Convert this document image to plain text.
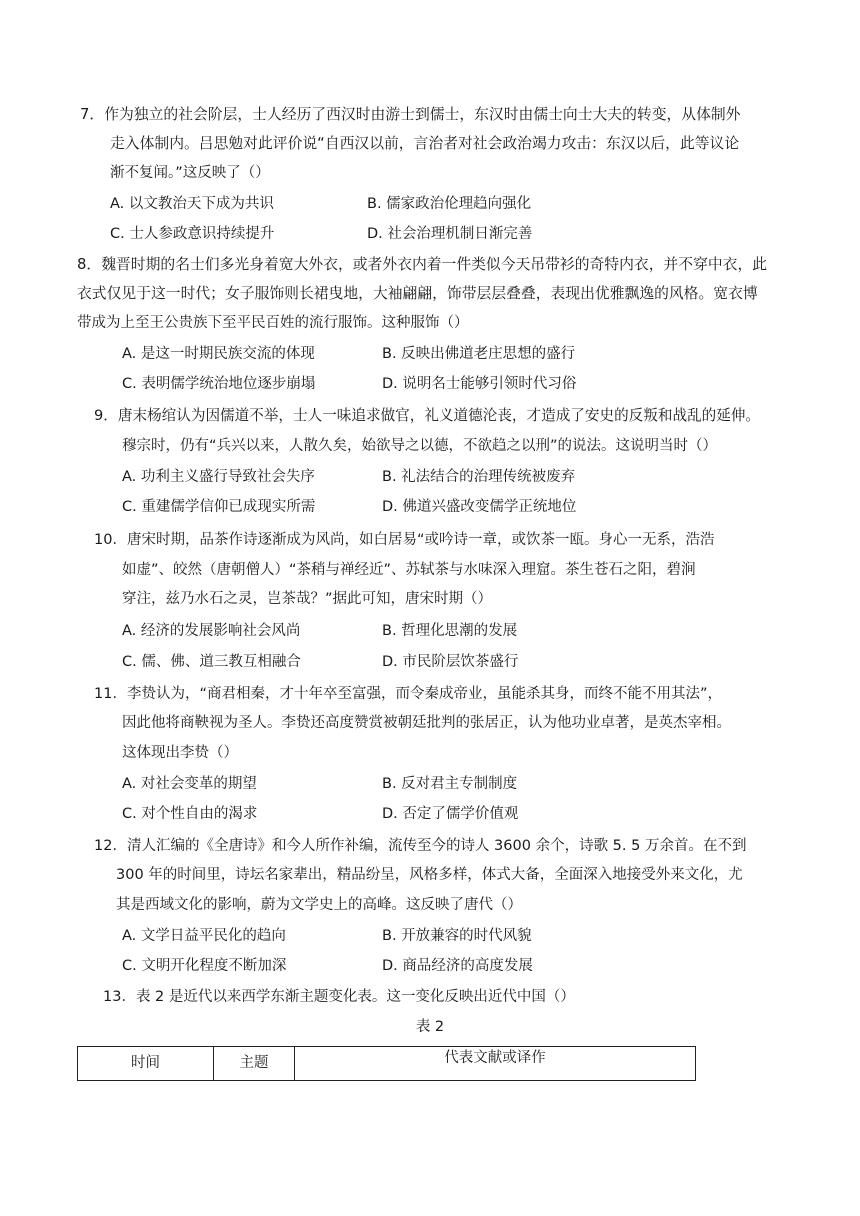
7．作为独立的社会阶层，士人经历了西汉时由游士到儒士，东汉时由儒士向士大夫的转变，从体制外
走入体制内。吕思勉对此评价说“自西汉以前，言治者对社会政治竭力攻击：东汉以后，此等议论
渐不复闻。”这反映了（）
A. 以文教治天下成为共识	B. 儒家政治伦理趋向强化
C. 士人参政意识持续提升	D. 社会治理机制日渐完善
8．魏晋时期的名士们多光身着宽大外衣，或者外衣内着一件类似今天吊带衫的奇特内衣，并不穿中衣，此
衣式仅见于这一时代；女子服饰则长裙曳地，大袖翩翩，饰带层层叠叠，表现出优雅飘逸的风格。宽衣博
带成为上至王公贵族下至平民百姓的流行服饰。这种服饰（）
A. 是这一时期民族交流的体现	B. 反映出佛道老庄思想的盛行
C. 表明儒学统治地位逐步崩塌	D. 说明名士能够引领时代习俗
9．唐末杨绾认为因儒道不举，士人一味追求做官，礼义道德沦丧，才造成了安史的反叛和战乱的延伸。
穆宗时，仍有“兵兴以来，人散久矣，始欲导之以德，不欲趋之以刑”的说法。这说明当时（）
A. 功利主义盛行导致社会失序	B. 礼法结合的治理传统被废弃
C. 重建儒学信仰已成现实所需	D. 佛道兴盛改变儒学正统地位
10．唐宋时期，品茶作诗逐渐成为风尚，如白居易“或吟诗一章，或饮茶一瓯。身心一无系，浩浩
如虚”、皎然（唐朝僧人）“茶稍与禅经近”、苏轼茶与水味深入理窟。茶生苍石之阳，碧涧
穿注，兹乃水石之灵，岂茶哉？”据此可知，唐宋时期（）
A. 经济的发展影响社会风尚	B. 哲理化思潮的发展
C. 儒、佛、道三教互相融合	D. 市民阶层饮茶盛行
11．李贽认为，“商君相秦，才十年卒至富强，而令秦成帝业，虽能杀其身，而终不能不用其法”，
因此他将商鞅视为圣人。李贽还高度赞赏被朝廷批判的张居正，认为他功业卓著，是英杰宰相。
这体现出李贽（）
A. 对社会变革的期望	B. 反对君主专制制度
C. 对个性自由的渴求	D. 否定了儒学价值观
12．清人汇编的《全唐诗》和今人所作补编，流传至今的诗人 3600 余个，诗歌 5. 5 万余首。在不到
300 年的时间里，诗坛名家辈出，精品纷呈，风格多样，体式大备，全面深入地接受外来文化，尤
其是西域文化的影响，蔚为文学史上的高峰。这反映了唐代（）
A. 文学日益平民化的趋向	B. 开放兼容的时代风貌
C. 文明开化程度不断加深	D. 商品经济的高度发展
13．表 2 是近代以来西学东渐主题变化表。这一变化反映出近代中国（）
表 2
时间	主题	代表文献或译作
